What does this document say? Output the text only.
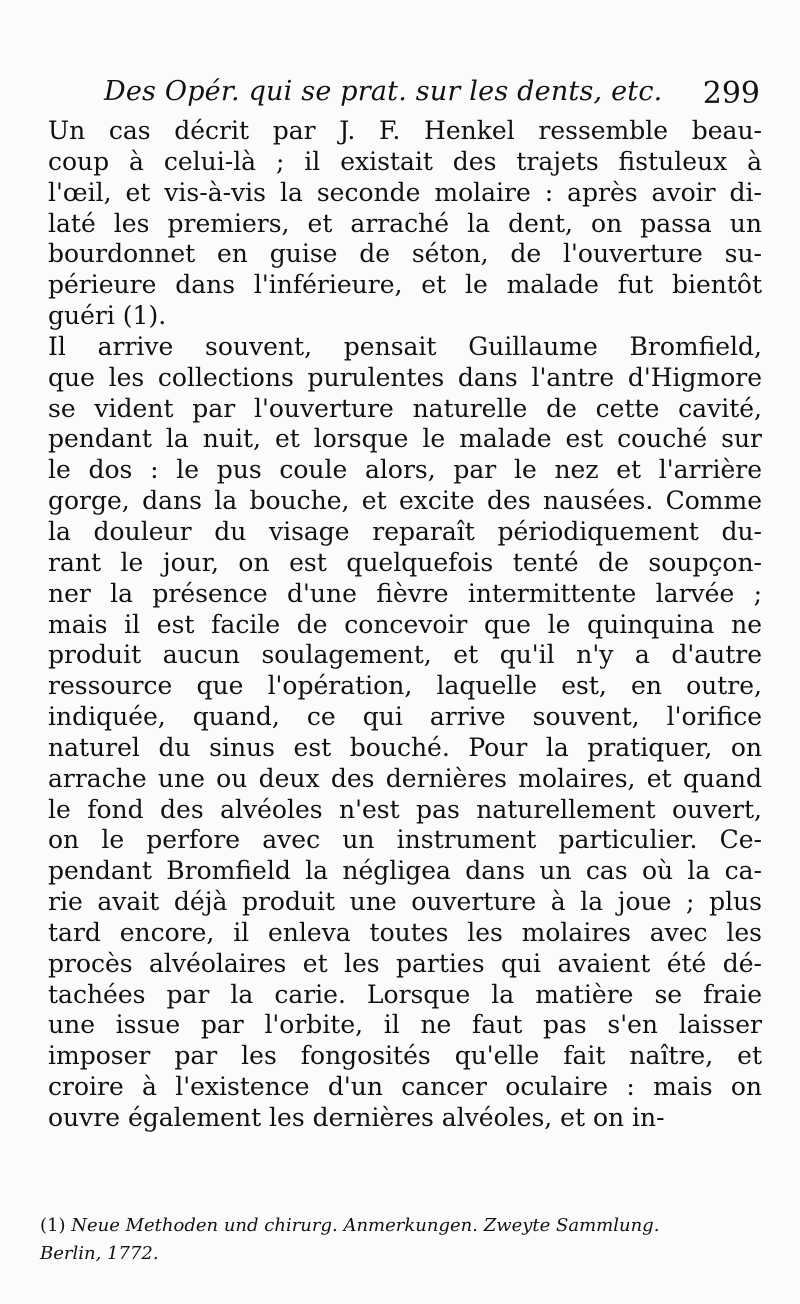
Des Opér. qui se prat. sur les dents, etc. 299
Un cas décrit par J. F. Henkel ressemble beau-
coup à celui-là ; il existait des trajets fistuleux à
l'œil, et vis-à-vis la seconde molaire : après avoir di-
laté les premiers, et arraché la dent, on passa un
bourdonnet en guise de séton, de l'ouverture su-
périeure dans l'inférieure, et le malade fut bientôt
guéri (1).
Il arrive souvent, pensait Guillaume Bromfield,
que les collections purulentes dans l'antre d'Higmore
se vident par l'ouverture naturelle de cette cavité,
pendant la nuit, et lorsque le malade est couché sur
le dos : le pus coule alors, par le nez et l'arrière
gorge, dans la bouche, et excite des nausées. Comme
la douleur du visage reparaît périodiquement du-
rant le jour, on est quelquefois tenté de soupçon-
ner la présence d'une fièvre intermittente larvée ;
mais il est facile de concevoir que le quinquina ne
produit aucun soulagement, et qu'il n'y a d'autre
ressource que l'opération, laquelle est, en outre,
indiquée, quand, ce qui arrive souvent, l'orifice
naturel du sinus est bouché. Pour la pratiquer, on
arrache une ou deux des dernières molaires, et quand
le fond des alvéoles n'est pas naturellement ouvert,
on le perfore avec un instrument particulier. Ce-
pendant Bromfield la négligea dans un cas où la ca-
rie avait déjà produit une ouverture à la joue ; plus
tard encore, il enleva toutes les molaires avec les
procès alvéolaires et les parties qui avaient été dé-
tachées par la carie. Lorsque la matière se fraie
une issue par l'orbite, il ne faut pas s'en laisser
imposer par les fongosités qu'elle fait naître, et
croire à l'existence d'un cancer oculaire : mais on
ouvre également les dernières alvéoles, et on in-
(1) Neue Methoden und chirurg. Anmerkungen. Zweyte Sammlung.
Berlin, 1772.
